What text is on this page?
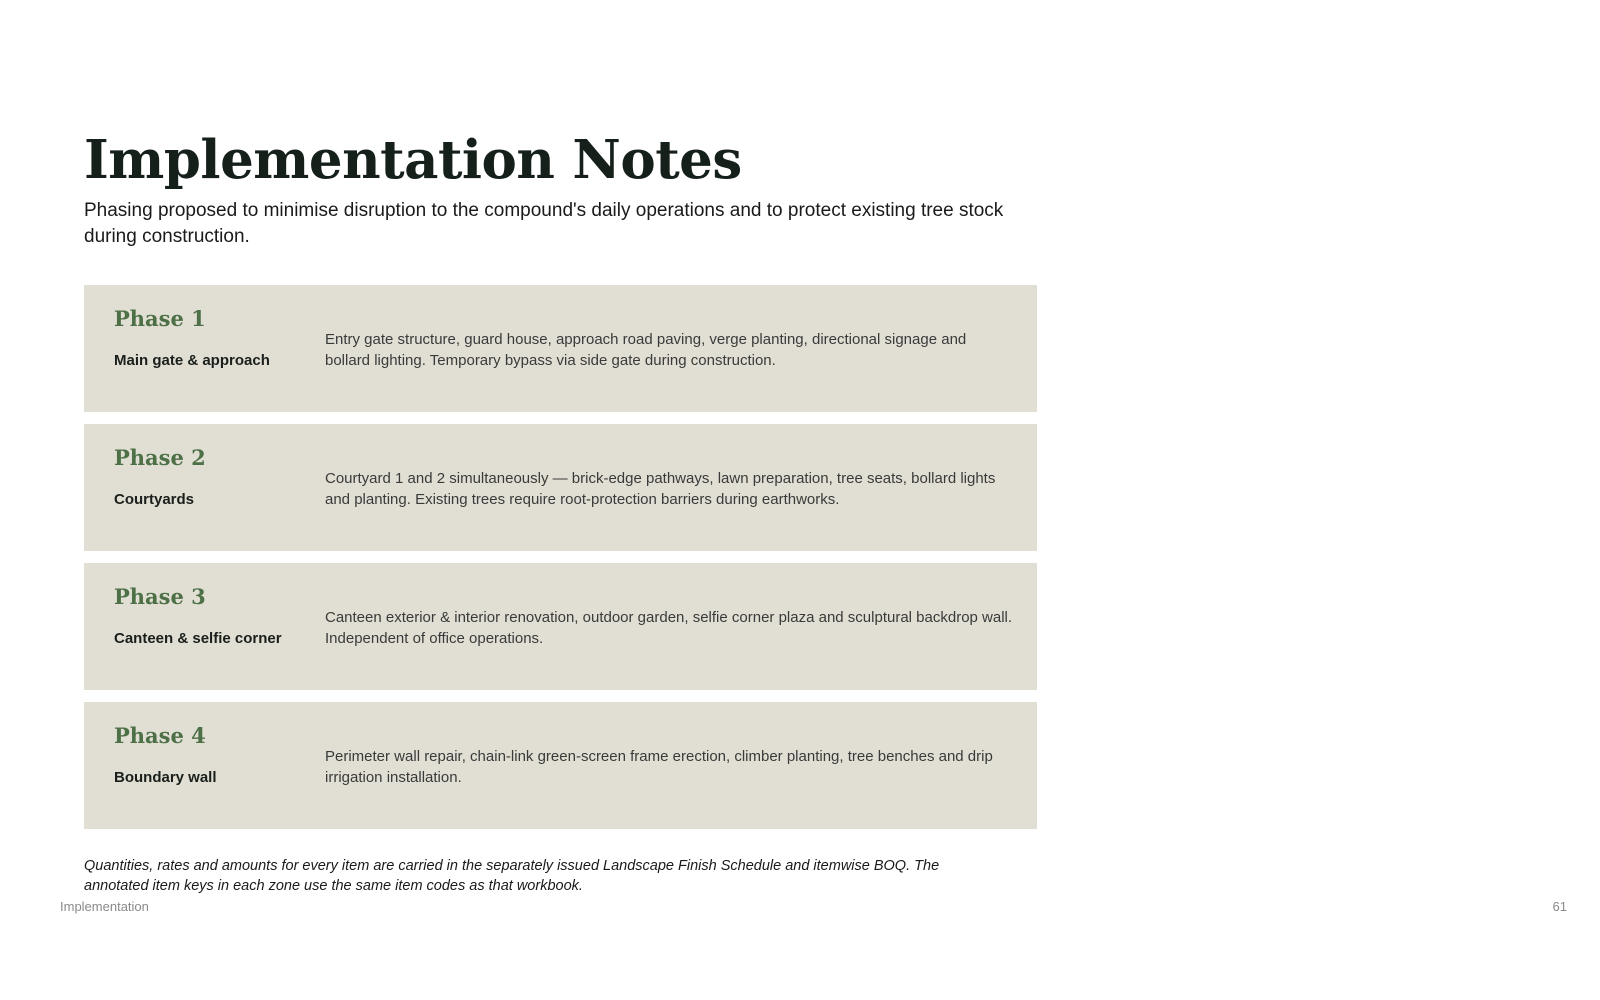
Implementation Notes

Phasing proposed to minimise disruption to the compound's daily operations and to protect existing tree stock during construction.

Phase 1
Main gate & approach
Entry gate structure, guard house, approach road paving, verge planting, directional signage and bollard lighting. Temporary bypass via side gate during construction.
Phase 2
Courtyards
Courtyard 1 and 2 simultaneously — brick-edge pathways, lawn preparation, tree seats, bollard lights and planting. Existing trees require root-protection barriers during earthworks.
Phase 3
Canteen & selfie corner
Canteen exterior & interior renovation, outdoor garden, selfie corner plaza and sculptural backdrop wall. Independent of office operations.
Phase 4
Boundary wall
Perimeter wall repair, chain-link green-screen frame erection, climber planting, tree benches and drip irrigation installation.

Quantities, rates and amounts for every item are carried in the separately issued Landscape Finish Schedule and itemwise BOQ. The annotated item keys in each zone use the same item codes as that workbook.

Implementation	61
